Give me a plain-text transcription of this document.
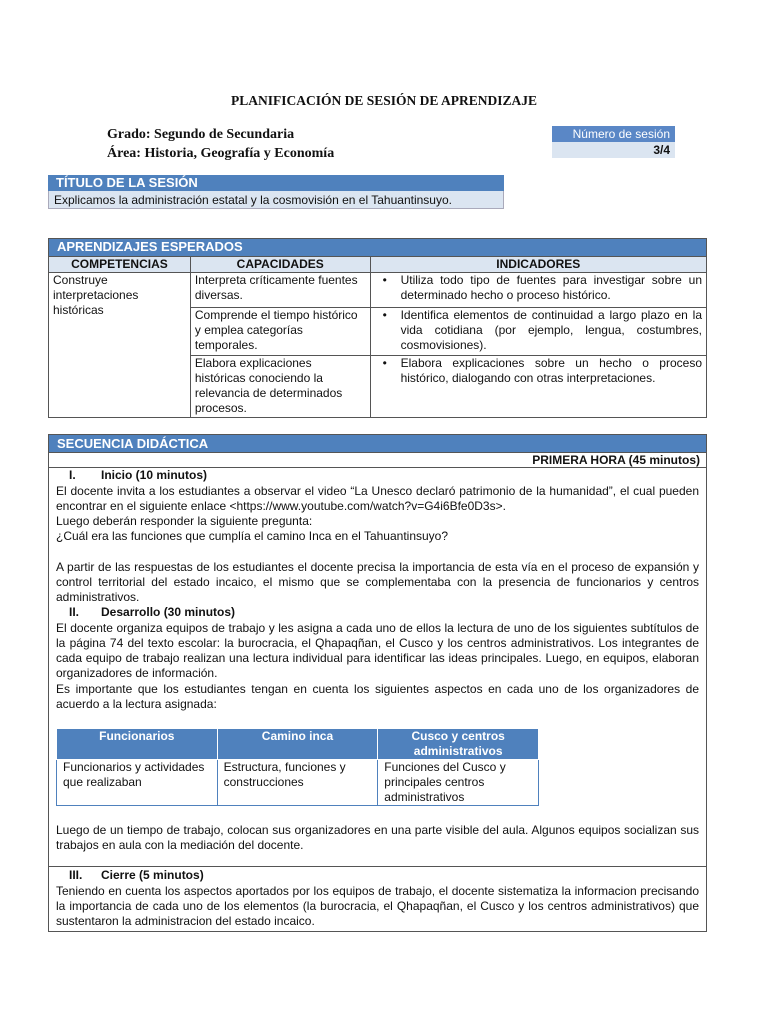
PLANIFICACIÓN DE SESIÓN DE APRENDIZAJE
Grado: Segundo de Secundaria
Área: Historia, Geografía y Economía
Número de sesión
3/4
TÍTULO DE LA SESIÓN
Explicamos la administración estatal y la cosmovisión en el Tahuantinsuyo.
APRENDIZAJES ESPERADOS		
COMPETENCIAS	CAPACIDADES	INDICADORES
Construye interpretaciones históricas	Interpreta críticamente fuentes diversas.	• Utiliza todo tipo de fuentes para investigar sobre un determinado hecho o proceso histórico.
	Comprende el tiempo histórico y emplea categorías temporales.	• Identifica elementos de continuidad a largo plazo en la vida cotidiana (por ejemplo, lengua, costumbres, cosmovisiones).
	Elabora explicaciones históricas conociendo la relevancia de determinados procesos.	• Elabora explicaciones sobre un hecho o proceso histórico, dialogando con otras interpretaciones.
SECUENCIA DIDÁCTICA
PRIMERA HORA (45 minutos)
I. Inicio (10 minutos)
El docente invita a los estudiantes a observar el video “La Unesco declaró patrimonio de la humanidad”, el cual pueden encontrar en el siguiente enlace <https://www.youtube.com/watch?v=G4i6Bfe0D3s>.
Luego deberán responder la siguiente pregunta:
¿Cuál era las funciones que cumplía el camino Inca en el Tahuantinsuyo?
A partir de las respuestas de los estudiantes el docente precisa la importancia de esta vía en el proceso de expansión y control territorial del estado incaico, el mismo que se complementaba con la presencia de funcionarios y centros administrativos.
II. Desarrollo (30 minutos)
El docente organiza equipos de trabajo y les asigna a cada uno de ellos la lectura de uno de los siguientes subtítulos de la página 74 del texto escolar: la burocracia, el Qhapaqñan, el Cusco y los centros administrativos. Los integrantes de cada equipo de trabajo realizan una lectura individual para identificar las ideas principales. Luego, en equipos, elaboran organizadores de información.
Es importante que los estudiantes tengan en cuenta los siguientes aspectos en cada uno de los organizadores de acuerdo a la lectura asignada:
Funcionarios	Camino inca	Cusco y centros administrativos
Funcionarios y actividades que realizaban	Estructura, funciones y construcciones	Funciones del Cusco y principales centros administrativos
Luego de un tiempo de trabajo, colocan sus organizadores en una parte visible del aula. Algunos equipos socializan sus trabajos en aula con la mediación del docente.
III. Cierre (5 minutos)
Teniendo en cuenta los aspectos aportados por los equipos de trabajo, el docente sistematiza la informacion precisando la importancia de cada uno de los elementos (la burocracia, el Qhapaqñan, el Cusco y los centros administrativos) que sustentaron la administracion del estado incaico.
